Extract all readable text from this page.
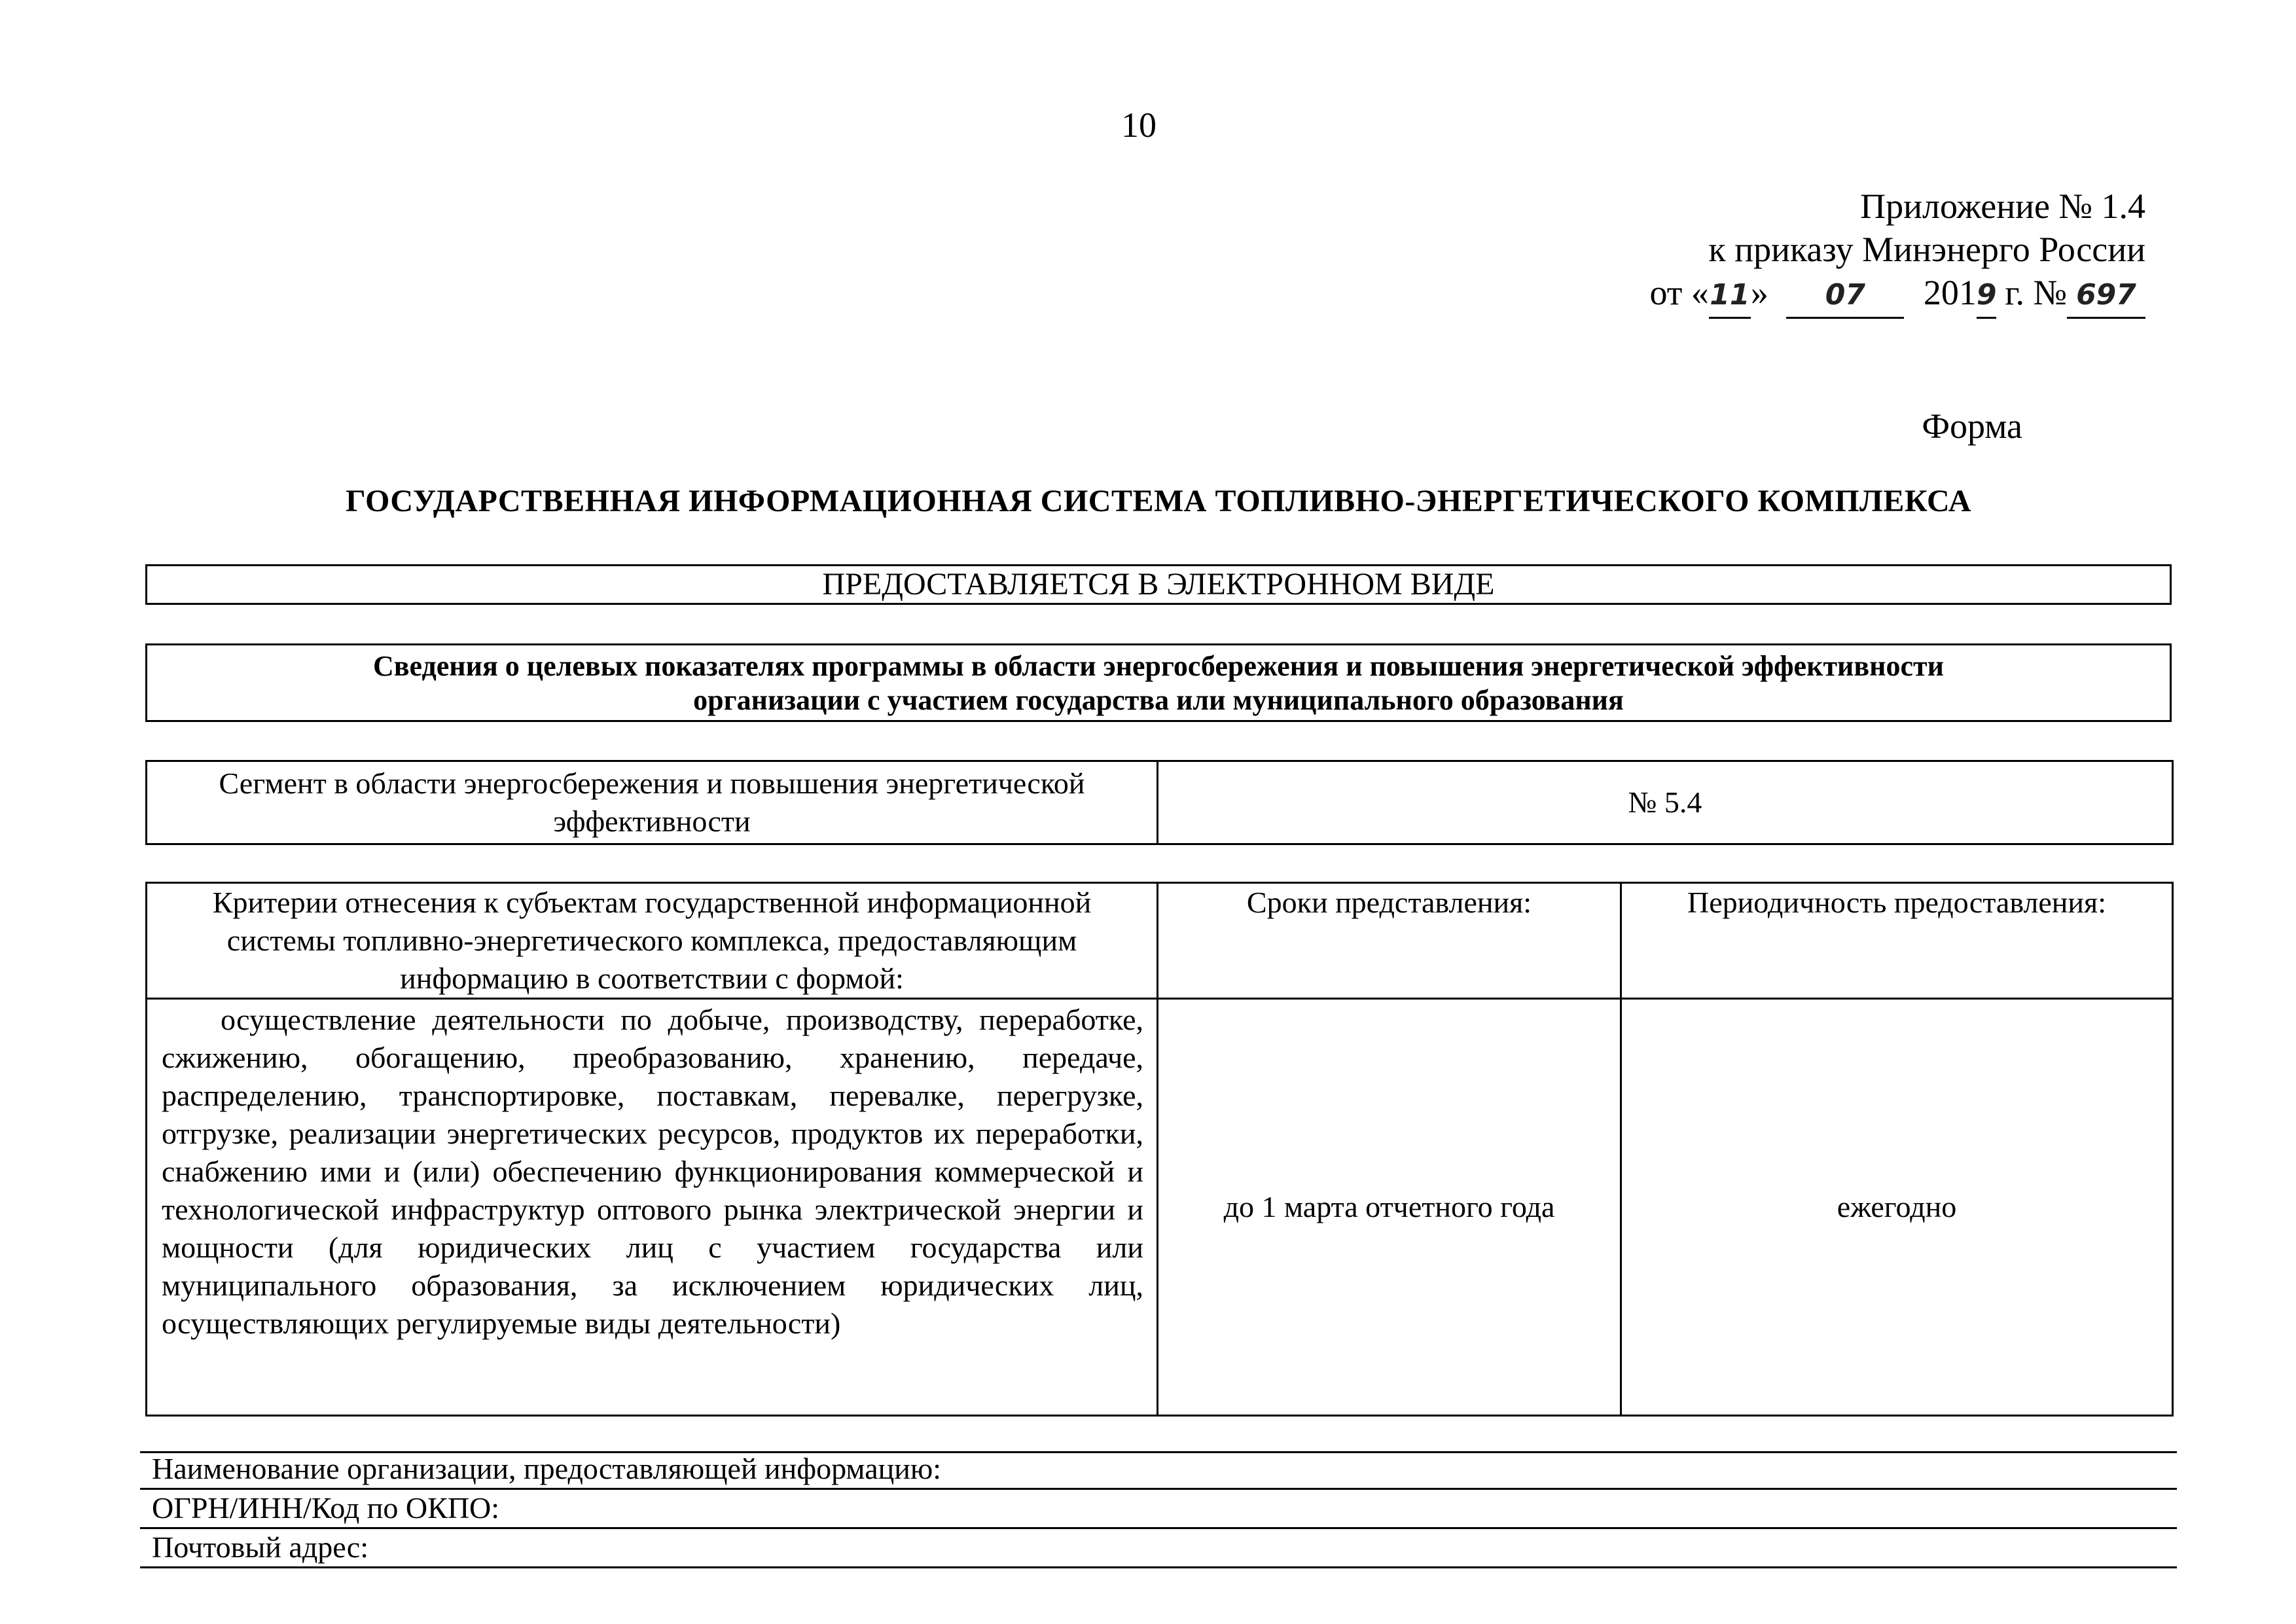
10
Приложение № 1.4
к приказу Минэнерго России
от «11» 07 2019 г. № 697
Форма
ГОСУДАРСТВЕННАЯ ИНФОРМАЦИОННАЯ СИСТЕМА ТОПЛИВНО-ЭНЕРГЕТИЧЕСКОГО КОМПЛЕКСА
ПРЕДОСТАВЛЯЕТСЯ В ЭЛЕКТРОННОМ ВИДЕ
Сведения о целевых показателях программы в области энергосбережения и повышения энергетической эффективности
организации с участием государства или муниципального образования
Сегмент в области энергосбережения и повышения энергетической эффективности	№ 5.4
Критерии отнесения к субъектам государственной информационной системы топливно-энергетического комплекса, предоставляющим информацию в соответствии с формой:	Сроки представления:	Периодичность предоставления:

осуществление деятельности по добыче, производству, переработке, сжижению, обогащению, преобразованию, хранению, передаче, распределению, транспортировке, поставкам, перевалке, перегрузке, отгрузке, реализации энергетических ресурсов, продуктов их переработки, снабжению ими и (или) обеспечению функционирования коммерческой и технологической инфраструктур оптового рынка электрической энергии и мощности (для юридических лиц с участием государства или муниципального образования, за исключением юридических лиц, осуществляющих регулируемые виды деятельности)	до 1 марта отчетного года	ежегодно
Наименование организации, предоставляющей информацию:
ОГРН/ИНН/Код по ОКПО:
Почтовый адрес:
